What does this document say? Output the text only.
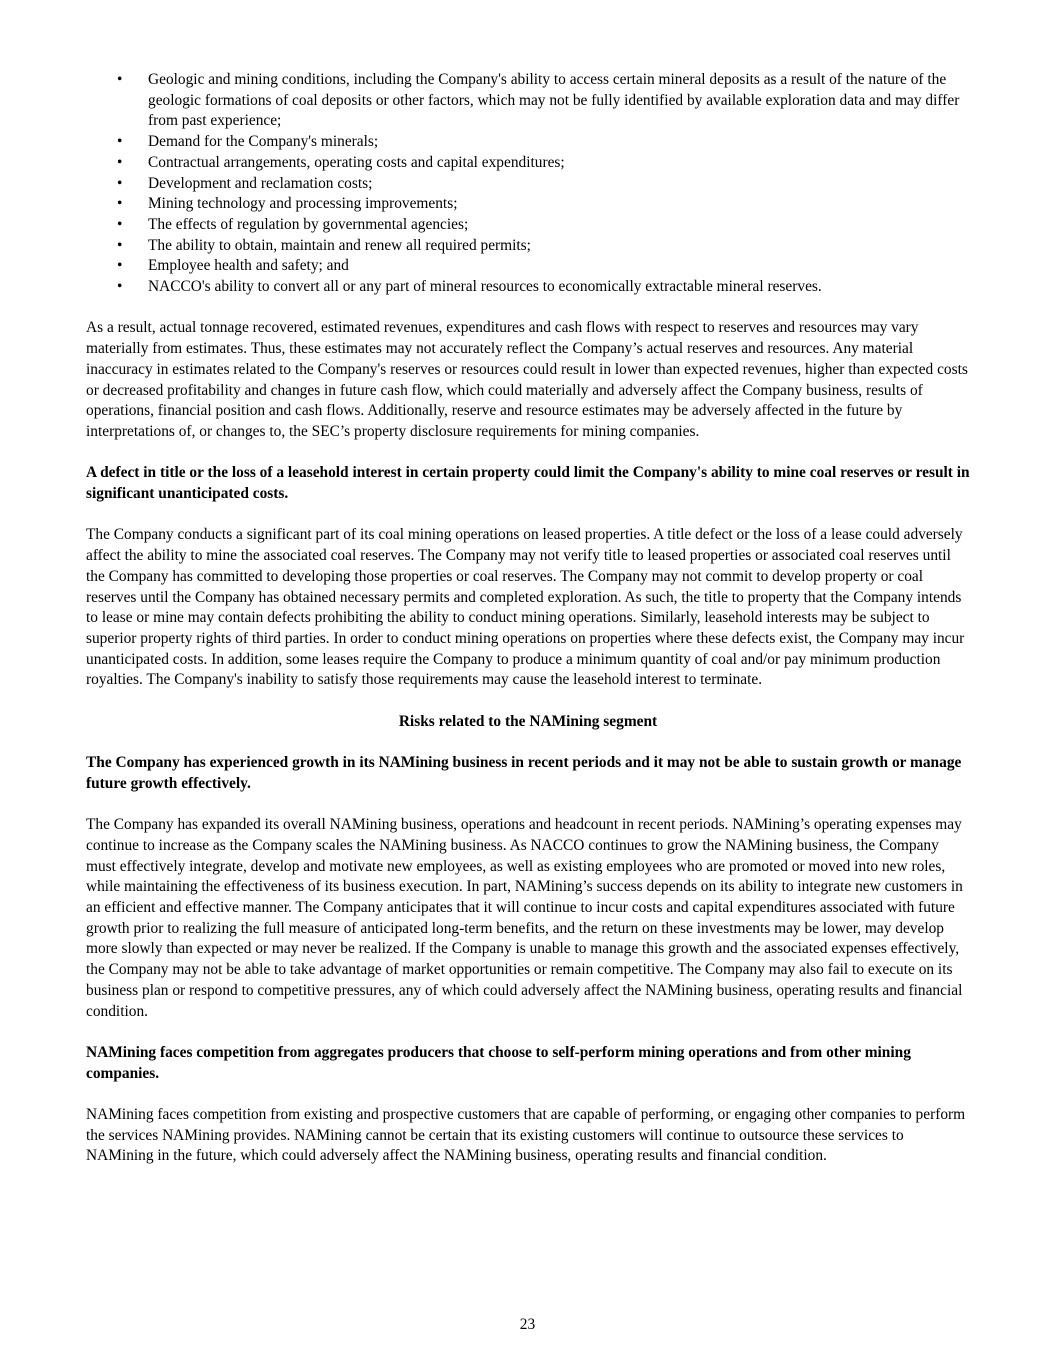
• Geologic and mining conditions, including the Company's ability to access certain mineral deposits as a result of the nature of the geologic formations of coal deposits or other factors, which may not be fully identified by available exploration data and may differ from past experience;
• Demand for the Company's minerals;
• Contractual arrangements, operating costs and capital expenditures;
• Development and reclamation costs;
• Mining technology and processing improvements;
• The effects of regulation by governmental agencies;
• The ability to obtain, maintain and renew all required permits;
• Employee health and safety; and
• NACCO's ability to convert all or any part of mineral resources to economically extractable mineral reserves.

As a result, actual tonnage recovered, estimated revenues, expenditures and cash flows with respect to reserves and resources may vary materially from estimates. Thus, these estimates may not accurately reflect the Company’s actual reserves and resources. Any material inaccuracy in estimates related to the Company's reserves or resources could result in lower than expected revenues, higher than expected costs or decreased profitability and changes in future cash flow, which could materially and adversely affect the Company business, results of operations, financial position and cash flows. Additionally, reserve and resource estimates may be adversely affected in the future by interpretations of, or changes to, the SEC’s property disclosure requirements for mining companies.

A defect in title or the loss of a leasehold interest in certain property could limit the Company's ability to mine coal reserves or result in significant unanticipated costs.

The Company conducts a significant part of its coal mining operations on leased properties. A title defect or the loss of a lease could adversely affect the ability to mine the associated coal reserves. The Company may not verify title to leased properties or associated coal reserves until the Company has committed to developing those properties or coal reserves. The Company may not commit to develop property or coal reserves until the Company has obtained necessary permits and completed exploration. As such, the title to property that the Company intends to lease or mine may contain defects prohibiting the ability to conduct mining operations. Similarly, leasehold interests may be subject to superior property rights of third parties. In order to conduct mining operations on properties where these defects exist, the Company may incur unanticipated costs. In addition, some leases require the Company to produce a minimum quantity of coal and/or pay minimum production royalties. The Company's inability to satisfy those requirements may cause the leasehold interest to terminate.

Risks related to the NAMining segment

The Company has experienced growth in its NAMining business in recent periods and it may not be able to sustain growth or manage future growth effectively.

The Company has expanded its overall NAMining business, operations and headcount in recent periods. NAMining’s operating expenses may continue to increase as the Company scales the NAMining business. As NACCO continues to grow the NAMining business, the Company must effectively integrate, develop and motivate new employees, as well as existing employees who are promoted or moved into new roles, while maintaining the effectiveness of its business execution. In part, NAMining’s success depends on its ability to integrate new customers in an efficient and effective manner. The Company anticipates that it will continue to incur costs and capital expenditures associated with future growth prior to realizing the full measure of anticipated long-term benefits, and the return on these investments may be lower, may develop more slowly than expected or may never be realized. If the Company is unable to manage this growth and the associated expenses effectively, the Company may not be able to take advantage of market opportunities or remain competitive. The Company may also fail to execute on its business plan or respond to competitive pressures, any of which could adversely affect the NAMining business, operating results and financial condition.

NAMining faces competition from aggregates producers that choose to self-perform mining operations and from other mining companies.

NAMining faces competition from existing and prospective customers that are capable of performing, or engaging other companies to perform the services NAMining provides. NAMining cannot be certain that its existing customers will continue to outsource these services to NAMining in the future, which could adversely affect the NAMining business, operating results and financial condition.

23
